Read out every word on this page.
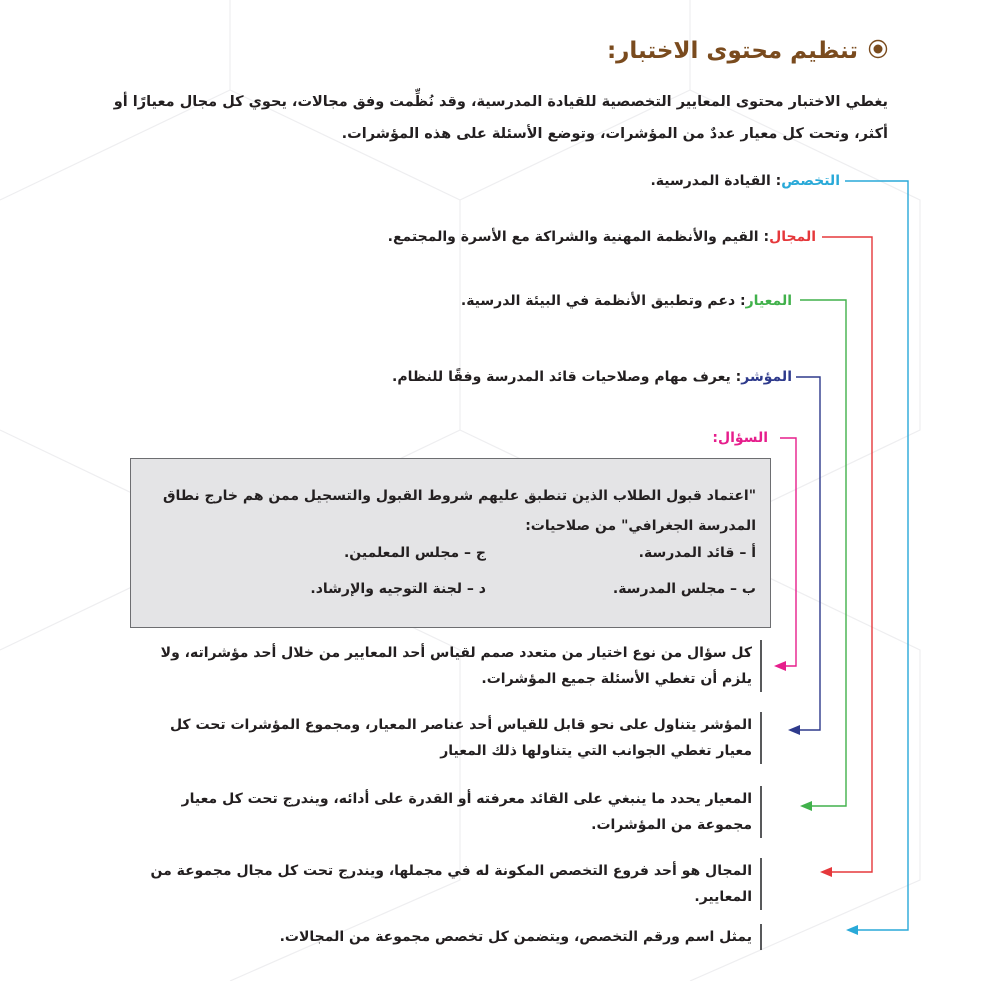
تنظيم محتوى الاختبار:

يغطي الاختبار محتوى المعايير التخصصية للقيادة المدرسية، وقد نُظِّمت وفق مجالات، يحوي كل مجال معيارًا أو أكثر، وتحت كل معيار عددٌ من المؤشرات، وتوضع الأسئلة على هذه المؤشرات.

التخصص: القيادة المدرسية.
المجال: القيم والأنظمة المهنية والشراكة مع الأسرة والمجتمع.
المعيار: دعم وتطبيق الأنظمة في البيئة الدرسية.
المؤشر: يعرف مهام وصلاحيات قائد المدرسة وفقًا للنظام.
السؤال:

"اعتماد قبول الطلاب الذين تنطبق عليهم شروط القبول والتسجيل ممن هم خارج نطاق المدرسة الجغرافي" من صلاحيات:

أ – قائد المدرسة.
ج – مجلس المعلمين.
ب – مجلس المدرسة.
د – لجنة التوجيه والإرشاد.

كل سؤال من نوع اختيار من متعدد صمم لقياس أحد المعايير من خلال أحد مؤشراته، ولا يلزم أن تغطي الأسئلة جميع المؤشرات.

المؤشر يتناول على نحو قابل للقياس أحد عناصر المعيار، ومجموع المؤشرات تحت كل معيار تغطي الجوانب التي يتناولها ذلك المعيار

المعيار يحدد ما ينبغي على القائد معرفته أو القدرة على أدائه، ويندرج تحت كل معيار مجموعة من المؤشرات.

المجال هو أحد فروع التخصص المكونة له في مجملها، ويندرج تحت كل مجال مجموعة من المعايير.

يمثل اسم ورقم التخصص، ويتضمن كل تخصص مجموعة من المجالات.
